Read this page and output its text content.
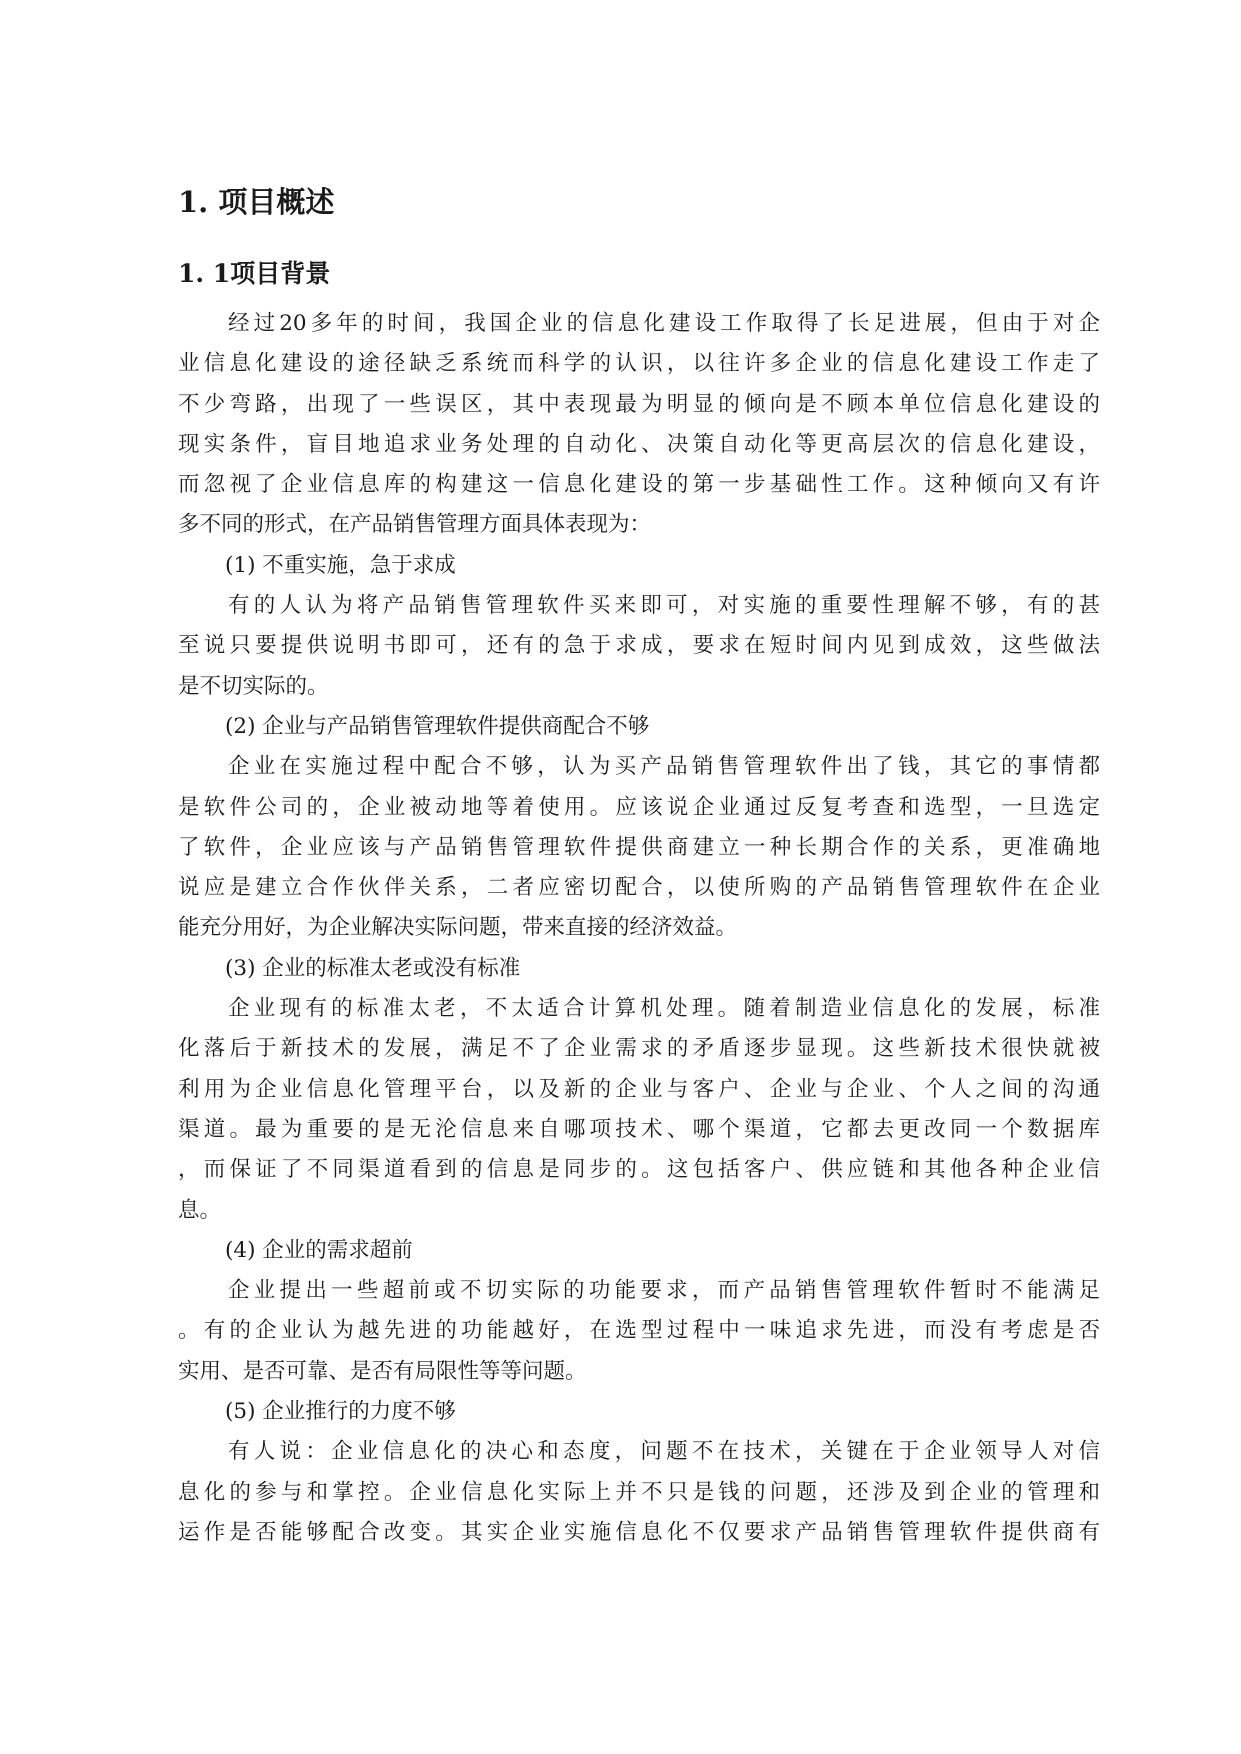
1. 项目概述
1. 1项目背景
经过20多年的时间，我国企业的信息化建设工作取得了长足进展，但由于对企
业信息化建设的途径缺乏系统而科学的认识，以往许多企业的信息化建设工作走了
不少弯路，出现了一些误区，其中表现最为明显的倾向是不顾本单位信息化建设的
现实条件，盲目地追求业务处理的自动化、决策自动化等更高层次的信息化建设，
而忽视了企业信息库的构建这一信息化建设的第一步基础性工作。这种倾向又有许
多不同的形式，在产品销售管理方面具体表现为：
(1) 不重实施，急于求成
有的人认为将产品销售管理软件买来即可，对实施的重要性理解不够，有的甚
至说只要提供说明书即可，还有的急于求成，要求在短时间内见到成效，这些做法
是不切实际的。
(2) 企业与产品销售管理软件提供商配合不够
企业在实施过程中配合不够，认为买产品销售管理软件出了钱，其它的事情都
是软件公司的，企业被动地等着使用。应该说企业通过反复考查和选型，一旦选定
了软件，企业应该与产品销售管理软件提供商建立一种长期合作的关系，更准确地
说应是建立合作伙伴关系，二者应密切配合，以使所购的产品销售管理软件在企业
能充分用好，为企业解决实际问题，带来直接的经济效益。
(3) 企业的标准太老或没有标准
企业现有的标准太老，不太适合计算机处理。随着制造业信息化的发展，标准
化落后于新技术的发展，满足不了企业需求的矛盾逐步显现。这些新技术很快就被
利用为企业信息化管理平台，以及新的企业与客户、企业与企业、个人之间的沟通
渠道。最为重要的是无沦信息来自哪项技术、哪个渠道，它都去更改同一个数据库
，而保证了不同渠道看到的信息是同步的。这包括客户、供应链和其他各种企业信
息。
(4) 企业的需求超前
企业提出一些超前或不切实际的功能要求，而产品销售管理软件暂时不能满足
。有的企业认为越先进的功能越好，在选型过程中一味追求先进，而没有考虑是否
实用、是否可靠、是否有局限性等等问题。
(5) 企业推行的力度不够
有人说：企业信息化的决心和态度，问题不在技术，关键在于企业领导人对信
息化的参与和掌控。企业信息化实际上并不只是钱的问题，还涉及到企业的管理和
运作是否能够配合改变。其实企业实施信息化不仅要求产品销售管理软件提供商有
